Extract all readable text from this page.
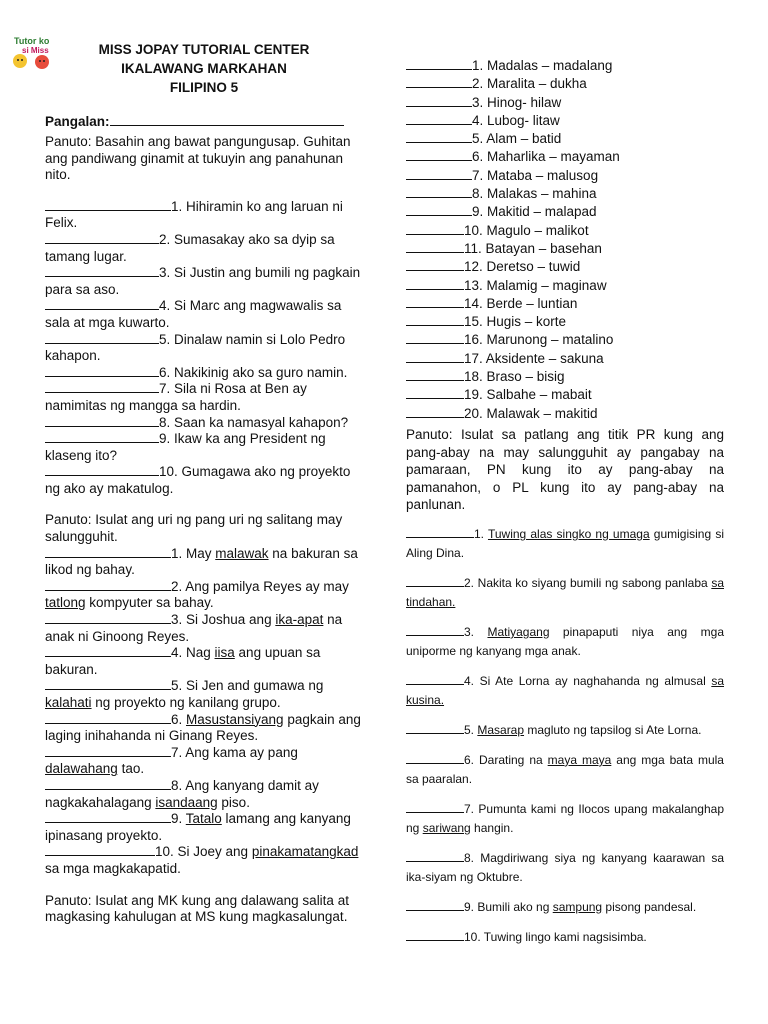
Tutor ko
si Miss	MISS JOPAY TUTORIAL CENTER
IKALAWANG MARKAHAN
FILIPINO 5
Pangalan:
Panuto: Basahin ang bawat pangungusap. Guhitan ang pandiwang ginamit at tukuyin ang panahunan nito.
1. Hihiramin ko ang laruan ni Felix.
2. Sumasakay ako sa dyip sa tamang lugar.
3. Si Justin ang bumili ng pagkain para sa aso.
4. Si Marc ang magwawalis sa sala at mga kuwarto.
5. Dinalaw namin si Lolo Pedro kahapon.
6. Nakikinig ako sa guro namin.
7. Sila ni Rosa at Ben ay namimitas ng mangga sa hardin.
8. Saan ka namasyal kahapon?
9. Ikaw ka ang President ng klaseng ito?
10. Gumagawa ako ng proyekto ng ako ay makatulog.
Panuto: Isulat ang uri ng pang uri ng salitang may salungguhit.
1. May malawak na bakuran sa likod ng bahay.
2. Ang pamilya Reyes ay may tatlong kompyuter sa bahay.
3. Si Joshua ang ika-apat na anak ni Ginoong Reyes.
4. Nag iisa ang upuan sa bakuran.
5. Si Jen and gumawa ng kalahati ng proyekto ng kanilang grupo.
6. Masustansiyang pagkain ang laging inihahanda ni Ginang Reyes.
7. Ang kama ay pang dalawahang tao.
8. Ang kanyang damit ay nagkakahalagang isandaang piso.
9. Tatalo lamang ang kanyang ipinasang proyekto.
10. Si Joey ang pinakamatangkad sa mga magkakapatid.
Panuto: Isulat ang MK kung ang dalawang salita at magkasing kahulugan at MS kung magkasalungat.
1. Madalas – madalang
2. Maralita – dukha
3. Hinog- hilaw
4. Lubog- litaw
5. Alam – batid
6. Maharlika – mayaman
7. Mataba – malusog
8. Malakas – mahina
9. Makitid – malapad
10. Magulo – malikot
11. Batayan – basehan
12. Deretso – tuwid
13. Malamig – maginaw
14. Berde – luntian
15. Hugis – korte
16. Marunong – matalino
17. Aksidente – sakuna
18. Braso – bisig
19. Salbahe – mabait
20. Malawak – makitid
Panuto: Isulat sa patlang ang titik PR kung ang pang-abay na may salungguhit ay pangabay na pamaraan, PN kung ito ay pang-abay na pamanahon, o PL kung ito ay pang-abay na panlunan.
1. Tuwing alas singko ng umaga gumigising si Aling Dina.
2. Nakita ko siyang bumili ng sabong panlaba sa tindahan.
3. Matiyagang pinapaputi niya ang mga uniporme ng kanyang mga anak.
4. Si Ate Lorna ay naghahanda ng almusal sa kusina.
5. Masarap magluto ng tapsilog si Ate Lorna.
6. Darating na maya maya ang mga bata mula sa paaralan.
7. Pumunta kami ng Ilocos upang makalanghap ng sariwang hangin.
8. Magdiriwang siya ng kanyang kaarawan sa ika-siyam ng Oktubre.
9. Bumili ako ng sampung pisong pandesal.
10. Tuwing lingo kami nagsisimba.
